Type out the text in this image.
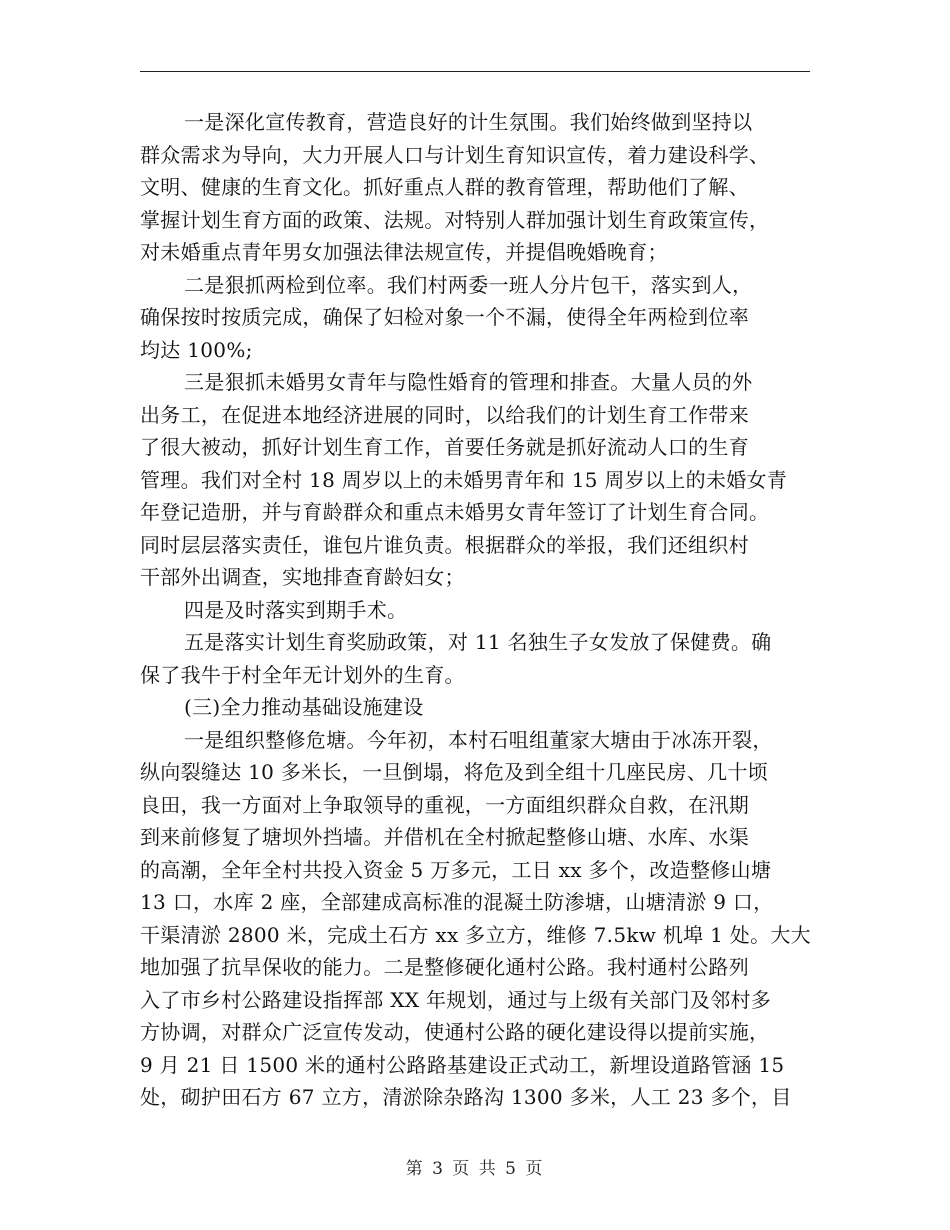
一是深化宣传教育，营造良好的计生氛围。我们始终做到坚持以
群众需求为导向，大力开展人口与计划生育知识宣传，着力建设科学、
文明、健康的生育文化。抓好重点人群的教育管理，帮助他们了解、
掌握计划生育方面的政策、法规。对特别人群加强计划生育政策宣传，
对未婚重点青年男女加强法律法规宣传，并提倡晚婚晚育；
二是狠抓两检到位率。我们村两委一班人分片包干，落实到人，
确保按时按质完成，确保了妇检对象一个不漏，使得全年两检到位率
均达 100%;
三是狠抓未婚男女青年与隐性婚育的管理和排查。大量人员的外
出务工，在促进本地经济进展的同时，以给我们的计划生育工作带来
了很大被动，抓好计划生育工作，首要任务就是抓好流动人口的生育
管理。我们对全村 18 周岁以上的未婚男青年和 15 周岁以上的未婚女青
年登记造册，并与育龄群众和重点未婚男女青年签订了计划生育合同。
同时层层落实责任，谁包片谁负责。根据群众的举报，我们还组织村
干部外出调查，实地排查育龄妇女；
四是及时落实到期手术。
五是落实计划生育奖励政策，对 11 名独生子女发放了保健费。确
保了我牛于村全年无计划外的生育。
(三)全力推动基础设施建设
一是组织整修危塘。今年初，本村石咀组董家大塘由于冰冻开裂，
纵向裂缝达 10 多米长，一旦倒塌，将危及到全组十几座民房、几十顷
良田，我一方面对上争取领导的重视，一方面组织群众自救，在汛期
到来前修复了塘坝外挡墙。并借机在全村掀起整修山塘、水库、水渠
的高潮，全年全村共投入资金 5 万多元，工日 xx 多个，改造整修山塘
13 口，水库 2 座，全部建成高标准的混凝土防渗塘，山塘清淤 9 口，
干渠清淤 2800 米，完成土石方 xx 多立方，维修 7.5kw 机埠 1 处。大大
地加强了抗旱保收的能力。二是整修硬化通村公路。我村通村公路列
入了市乡村公路建设指挥部 XX 年规划，通过与上级有关部门及邻村多
方协调，对群众广泛宣传发动，使通村公路的硬化建设得以提前实施，
9 月 21 日 1500 米的通村公路路基建设正式动工，新埋设道路管涵 15
处，砌护田石方 67 立方，清淤除杂路沟 1300 多米，人工 23 多个，目
第 3 页 共 5 页
